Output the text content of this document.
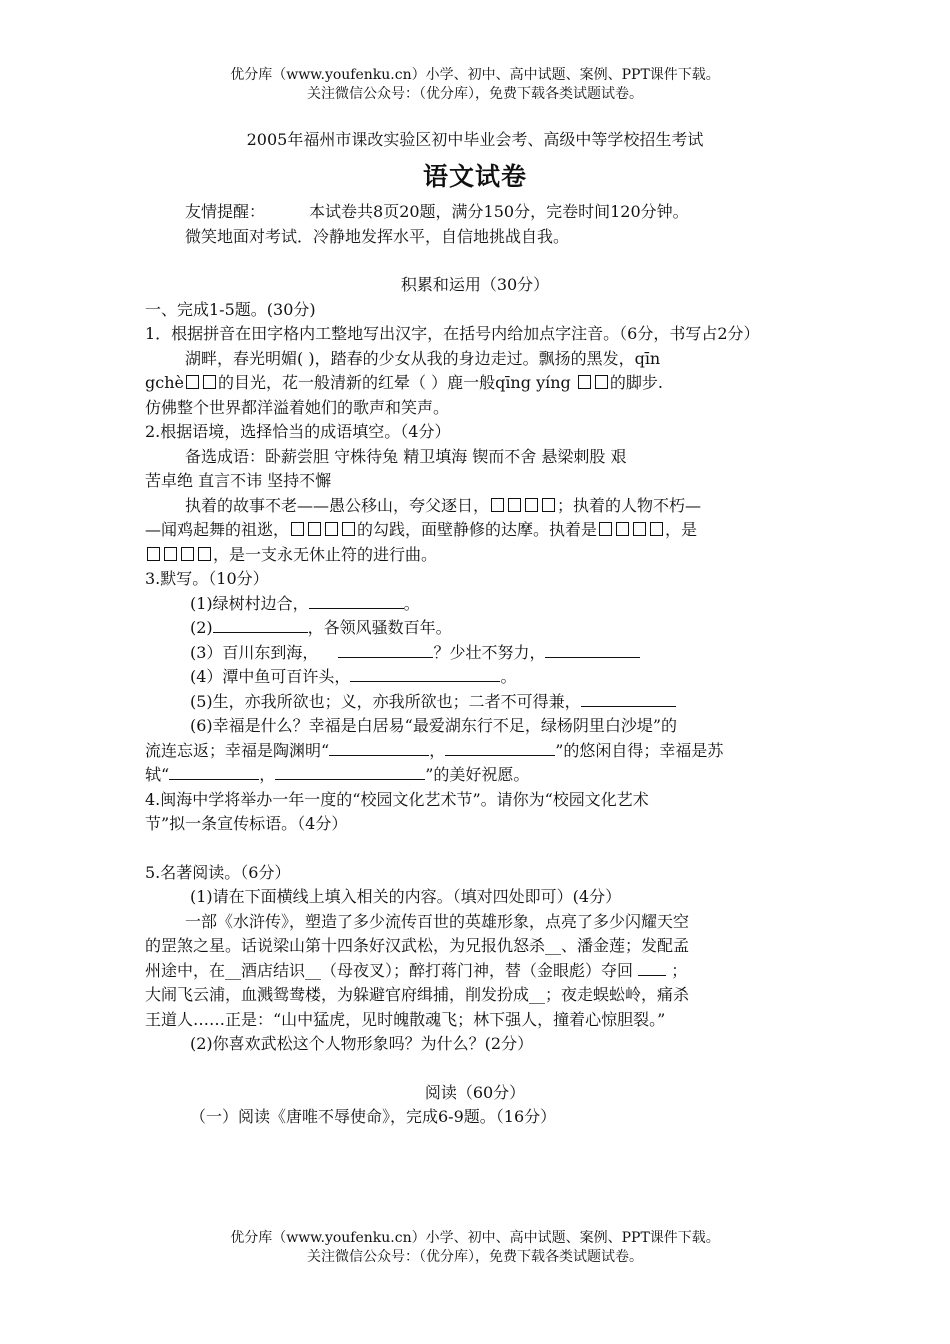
优分库（www.youfenku.cn）小学、初中、高中试题、案例、PPT课件下载。
关注微信公众号：（优分库），免费下载各类试题试卷。
2005年福州市课改实验区初中毕业会考、高级中等学校招生考试
语文试卷

友情提醒：	本试卷共8页20题，满分150分，完卷时间120分钟。

微笑地面对考试．冷静地发挥水平，自信地挑战自我。

积累和运用（30分）

一、完成1-5题。(30分)

1．根据拼音在田字格内工整地写出汉字，在括号内给加点字注音。（6分，书写占2分）

湖畔，春光明媚( )，踏春的少女从我的身边走过。飘扬的黑发，qīn

gchè 的目光，花一般清新的红晕（ ）鹿一般qīng yíng 的脚步.

仿佛整个世界都洋溢着她们的歌声和笑声。

2.根据语境，选择恰当的成语填空。（4分）

备选成语：卧薪尝胆 守株待兔 精卫填海 锲而不舍 悬梁刺股 艰

苦卓绝 直言不讳 坚持不懈

执着的故事不老——愚公移山，夸父逐日，	；执着的人物不朽—

—闻鸡起舞的祖逖，	的勾践，面壁静修的达摩。执着是	，是

，是一支永无休止符的进行曲。

3.默写。（10分）

(1)绿树村边合，	。

(2)	，各领风骚数百年。

(3）百川东到海，	？少壮不努力，

(4）潭中鱼可百许头，	。

(5)生，亦我所欲也；义，亦我所欲也；二者不可得兼，

(6)幸福是什么？幸福是白居易“最爱湖东行不足，绿杨阴里白沙堤”的

流连忘返；幸福是陶渊明“	，	”的悠闲自得；幸福是苏

轼“	，	”的美好祝愿。

4.闽海中学将举办一年一度的“校园文化艺术节”。请你为“校园文化艺术

节”拟一条宣传标语。（4分）

5.名著阅读。（6分）

(1)请在下面横线上填入相关的内容。（填对四处即可）(4分）

一部《水浒传》，塑造了多少流传百世的英雄形象，点亮了多少闪耀天空

的罡煞之星。话说梁山第十四条好汉武松，为兄报仇怒杀__、潘金莲；发配孟

州途中，在__酒店结识__（母夜叉）；醉打蒋门神，替（金眼彪）夺回 ；

大闹飞云浦，血溅鸳鸯楼，为躲避官府缉捕，削发扮成__；夜走蜈蚣岭，痛杀

王道人……正是：“山中猛虎，见时魄散魂飞；林下强人，撞着心惊胆裂。”

(2)你喜欢武松这个人物形象吗？为什么？(2分）

阅读（60分）

（一）阅读《唐唯不辱使命》，完成6-9题。（16分）

优分库（www.youfenku.cn）小学、初中、高中试题、案例、PPT课件下载。
关注微信公众号：（优分库），免费下载各类试题试卷。
